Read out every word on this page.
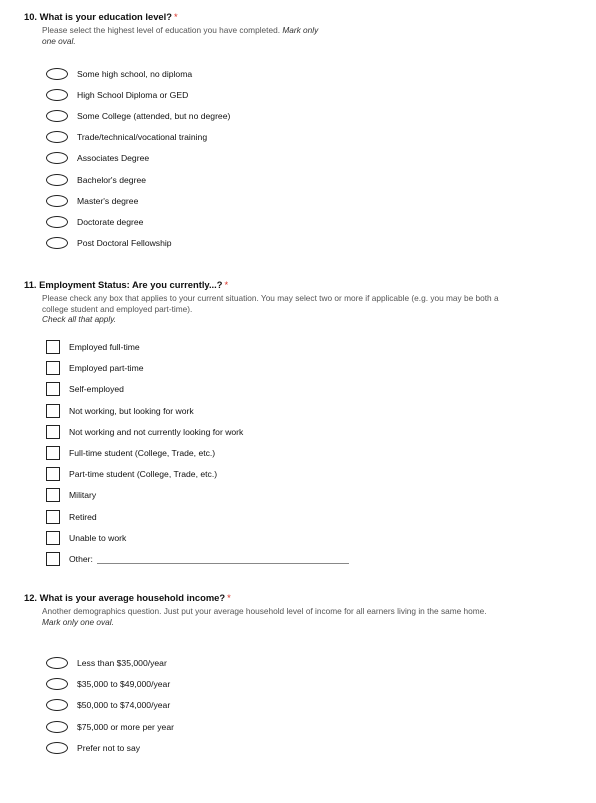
10. What is your education level? *
Please select the highest level of education you have completed. Mark only one oval.
Some high school, no diploma
High School Diploma or GED
Some College (attended, but no degree)
Trade/technical/vocational training
Associates Degree
Bachelor's degree
Master's degree
Doctorate degree
Post Doctoral Fellowship
11. Employment Status: Are you currently...? *
Please check any box that applies to your current situation. You may select two or more if applicable (e.g. you may be both a college student and employed part-time).
Check all that apply.
Employed full-time
Employed part-time
Self-employed
Not working, but looking for work
Not working and not currently looking for work
Full-time student (College, Trade, etc.)
Part-time student (College, Trade, etc.)
Military
Retired
Unable to work
Other:
12. What is your average household income? *
Another demographics question. Just put your average household level of income for all earners living in the same home.
Mark only one oval.
Less than $35,000/year
$35,000 to $49,000/year
$50,000 to $74,000/year
$75,000 or more per year
Prefer not to say
